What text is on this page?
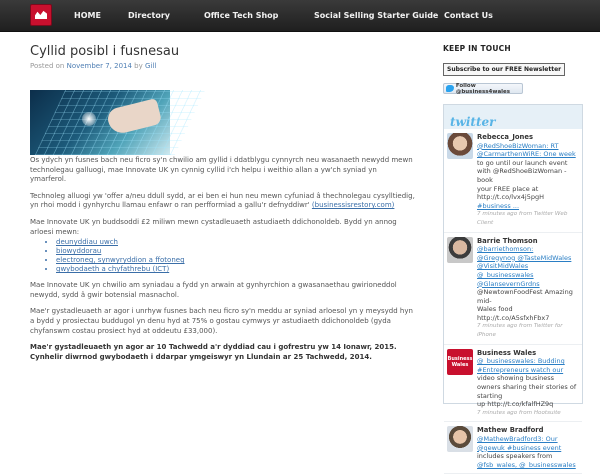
HOME	Directory	Office Tech Shop	Social Selling Starter Guide Contact Us
Cyllid posibl i fusnesau
Posted on November 7, 2014 by Gill

Os ydych yn fusnes bach neu ficro sy'n chwilio am gyllid i ddatblygu cynnyrch neu wasanaeth newydd mewn technolegau galluogi, mae Innovate UK yn cynnig cyllid i'ch helpu i weithio allan a yw'ch syniad yn ymarferol.

Technoleg alluogi yw 'offer a/neu ddull sydd, ar ei ben ei hun neu mewn cyfuniad â thechnolegau cysylltiedig, yn rhoi modd i gynhyrchu llamau enfawr o ran perfformiad a gallu'r defnyddiwr' (businessisrestory.com)

Mae Innovate UK yn buddsoddi £2 miliwn mewn cystadleuaeth astudiaeth ddichonoldeb. Bydd yn annog arloesi mewn:

• deunyddiau uwch
• biowyddorau
• electroneg, synwyryddion a ffotoneg
• gwybodaeth a chyfathrebu (ICT)

Mae Innovate UK yn chwilio am syniadau a fydd yn arwain at gynhyrchion a gwasanaethau gwirioneddol newydd, sydd â gwir botensial masnachol.

Mae'r gystadleuaeth ar agor i unrhyw fusnes bach neu ficro sy'n meddu ar syniad arloesol yn y meysydd hyn a bydd y prosiectau buddugol yn denu hyd at 75% o gostau cymwys yr astudiaeth ddichonoldeb (gyda chyfanswm costau prosiect hyd at oddeutu £33,000).

Mae'r gystadleuaeth yn agor ar 10 Tachwedd a'r dyddiad cau i gofrestru yw 14 Ionawr, 2015. Cynhelir diwrnod gwybodaeth i ddarpar ymgeiswyr yn Llundain ar 25 Tachwedd, 2014.

KEEP IN TOUCH
Subscribe to our FREE Newsletter
Follow @business4wales
twitter
Rebecca_Jones
@RedShoeBizWoman: RT
@CarmarthenWiRE: One week
to go until our launch event
with @RedShoeBizWoman - book
your FREE place at http://t.co/lvx4j5pgH
#business ...
7 minutes ago from Twitter Web Client
Barrie Thomson
@barriethomson:
@Gregynog @TasteMidWales
@VisitMidWales
@_businesswales @GlansevernGrdns
@NewtownFoodFest Amazing mid-
Wales food http://t.co/A5sfxhFbx7
7 minutes ago from Twitter for iPhone
Business Wales
Business Wales
@_businesswales: Budding
#Entrepreneurs watch our
video showing business
owners sharing their stories of starting
up http://t.co/kfalfHZ9q
7 minutes ago from Hootsuite
Mathew Bradford
@MathewBradford3: Our
@gewuk #business event
includes speakers from
@fsb_wales, @_businesswales
